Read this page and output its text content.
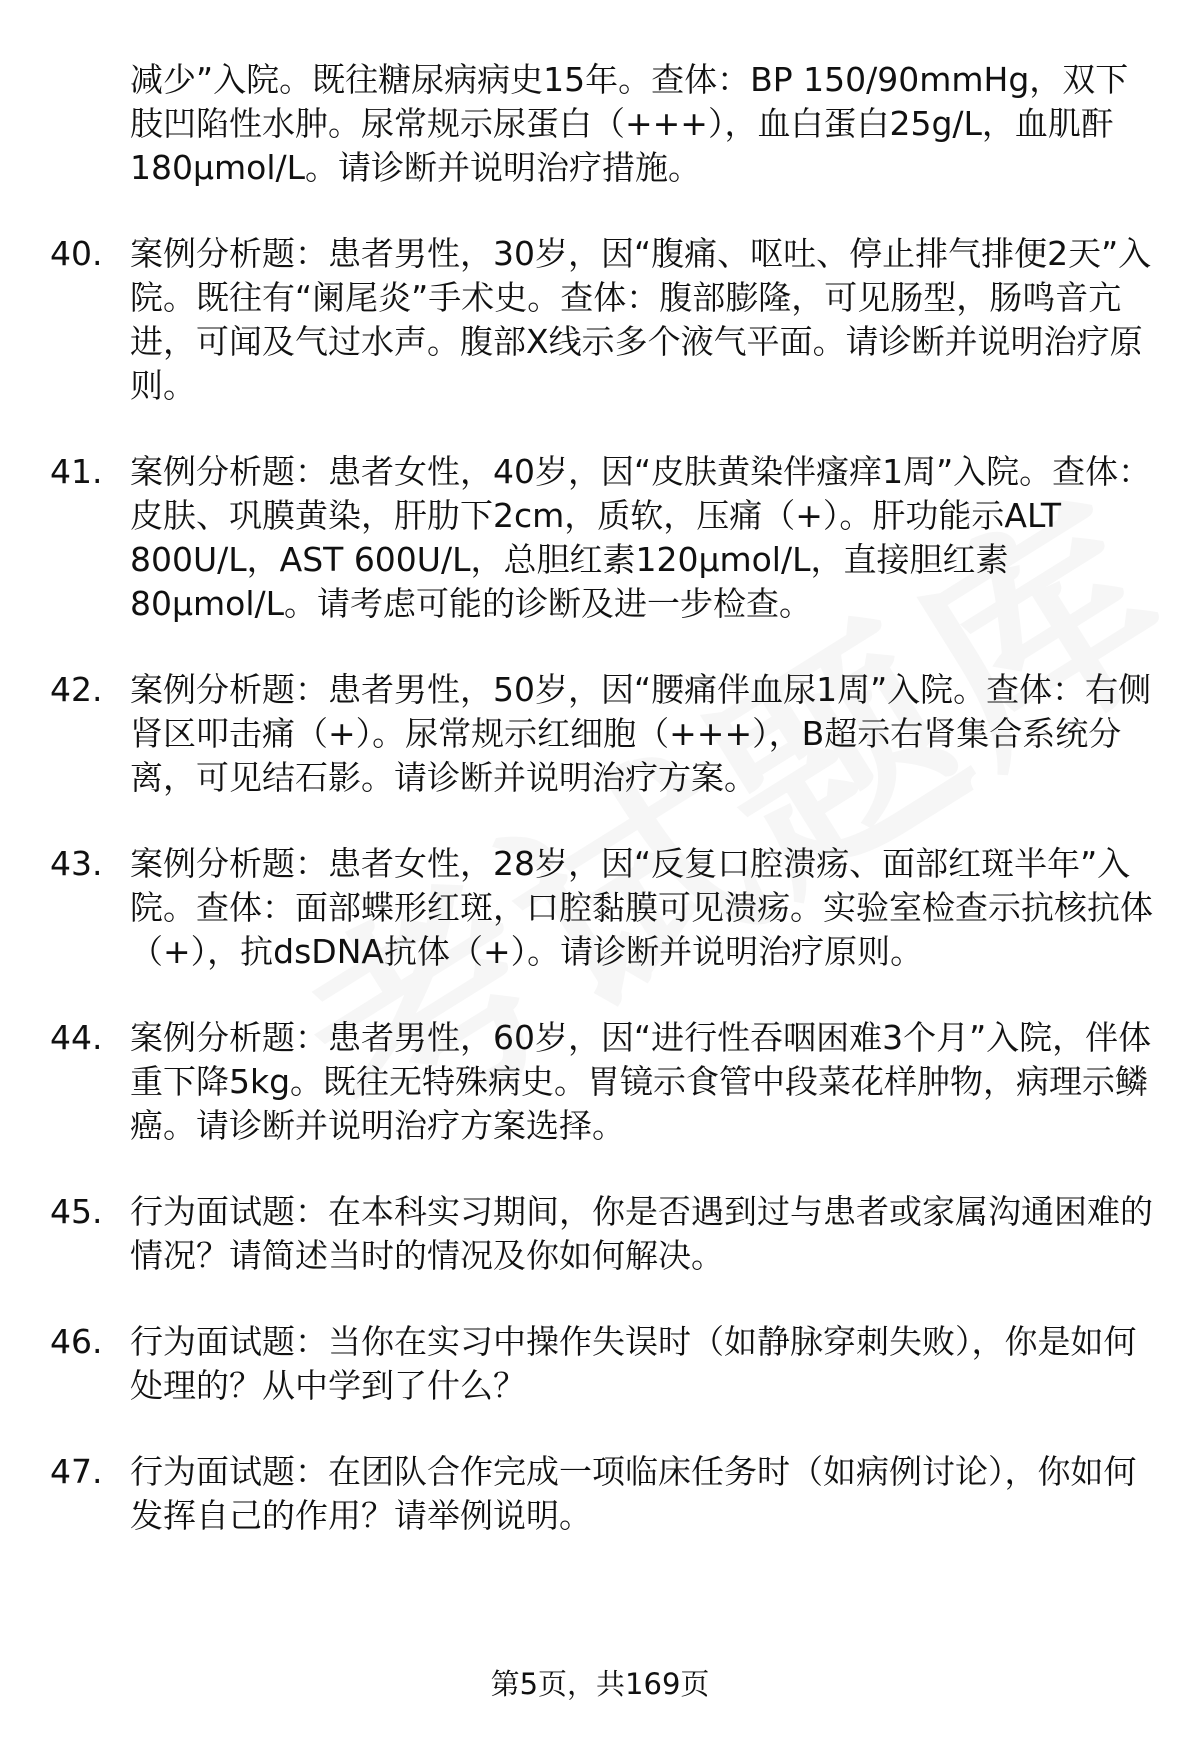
减少”入院。既往糖尿病病史15年。查体：BP 150/90mmHg，双下肢凹陷性水肿。尿常规示尿蛋白（+++），血白蛋白25g/L，血肌酐180μmol/L。请诊断并说明治疗措施。
40. 案例分析题：患者男性，30岁，因“腹痛、呕吐、停止排气排便2天”入院。既往有“阑尾炎”手术史。查体：腹部膨隆，可见肠型，肠鸣音亢进，可闻及气过水声。腹部X线示多个液气平面。请诊断并说明治疗原则。
41. 案例分析题：患者女性，40岁，因“皮肤黄染伴瘙痒1周”入院。查体：皮肤、巩膜黄染，肝肋下2cm，质软，压痛（+）。肝功能示ALT 800U/L，AST 600U/L，总胆红素120μmol/L，直接胆红素80μmol/L。请考虑可能的诊断及进一步检查。
42. 案例分析题：患者男性，50岁，因“腰痛伴血尿1周”入院。查体：右侧肾区叩击痛（+）。尿常规示红细胞（+++），B超示右肾集合系统分离，可见结石影。请诊断并说明治疗方案。
43. 案例分析题：患者女性，28岁，因“反复口腔溃疡、面部红斑半年”入院。查体：面部蝶形红斑，口腔黏膜可见溃疡。实验室检查示抗核抗体（+），抗dsDNA抗体（+）。请诊断并说明治疗原则。
44. 案例分析题：患者男性，60岁，因“进行性吞咽困难3个月”入院，伴体重下降5kg。既往无特殊病史。胃镜示食管中段菜花样肿物，病理示鳞癌。请诊断并说明治疗方案选择。
45. 行为面试题：在本科实习期间，你是否遇到过与患者或家属沟通困难的情况？请简述当时的情况及你如何解决。
46. 行为面试题：当你在实习中操作失误时（如静脉穿刺失败），你是如何处理的？从中学到了什么？
47. 行为面试题：在团队合作完成一项临床任务时（如病例讨论），你如何发挥自己的作用？请举例说明。
第5页，共169页
